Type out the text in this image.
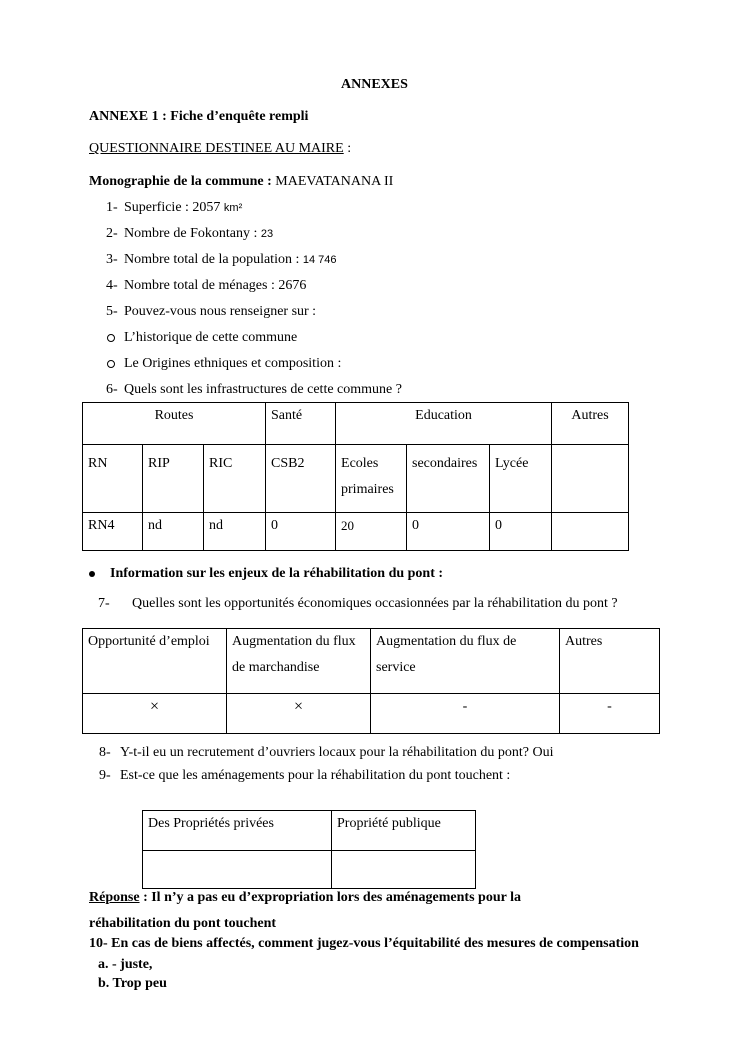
ANNEXES
ANNEXE 1 : Fiche d’enquête rempli
QUESTIONNAIRE DESTINEE AU MAIRE :
Monographie de la commune : MAEVATANANA II
1- Superficie : 2057 km²
2- Nombre de Fokontany : 23
3- Nombre total de la population : 14 746
4- Nombre total de ménages : 2676
5- Pouvez-vous nous renseigner sur :
L’historique de cette commune
Le Origines ethniques et composition :
6- Quels sont les infrastructures de cette commune ?
Routes			Santé	Education			Autres
RN	RIP	RIC	CSB2	Ecoles primaires	secondaires	Lycée	
RN4	nd	nd	0	20	0	0	
Information sur les enjeux de la réhabilitation du pont :
7- Quelles sont les opportunités économiques occasionnées par la réhabilitation du pont ?
Opportunité d’emploi	Augmentation du flux de marchandise	Augmentation du flux de service	Autres
×	×	-	-
8- Y-t-il eu un recrutement d’ouvriers locaux pour la réhabilitation du pont? Oui
9- Est-ce que les aménagements pour la réhabilitation du pont touchent :
Des Propriétés privées	Propriété publique

Réponse : Il n’y a pas eu d’expropriation lors des aménagements pour la
réhabilitation du pont touchent
10- En cas de biens affectés, comment jugez-vous l’équitabilité des mesures de compensation
a. - juste,
b. Trop peu
